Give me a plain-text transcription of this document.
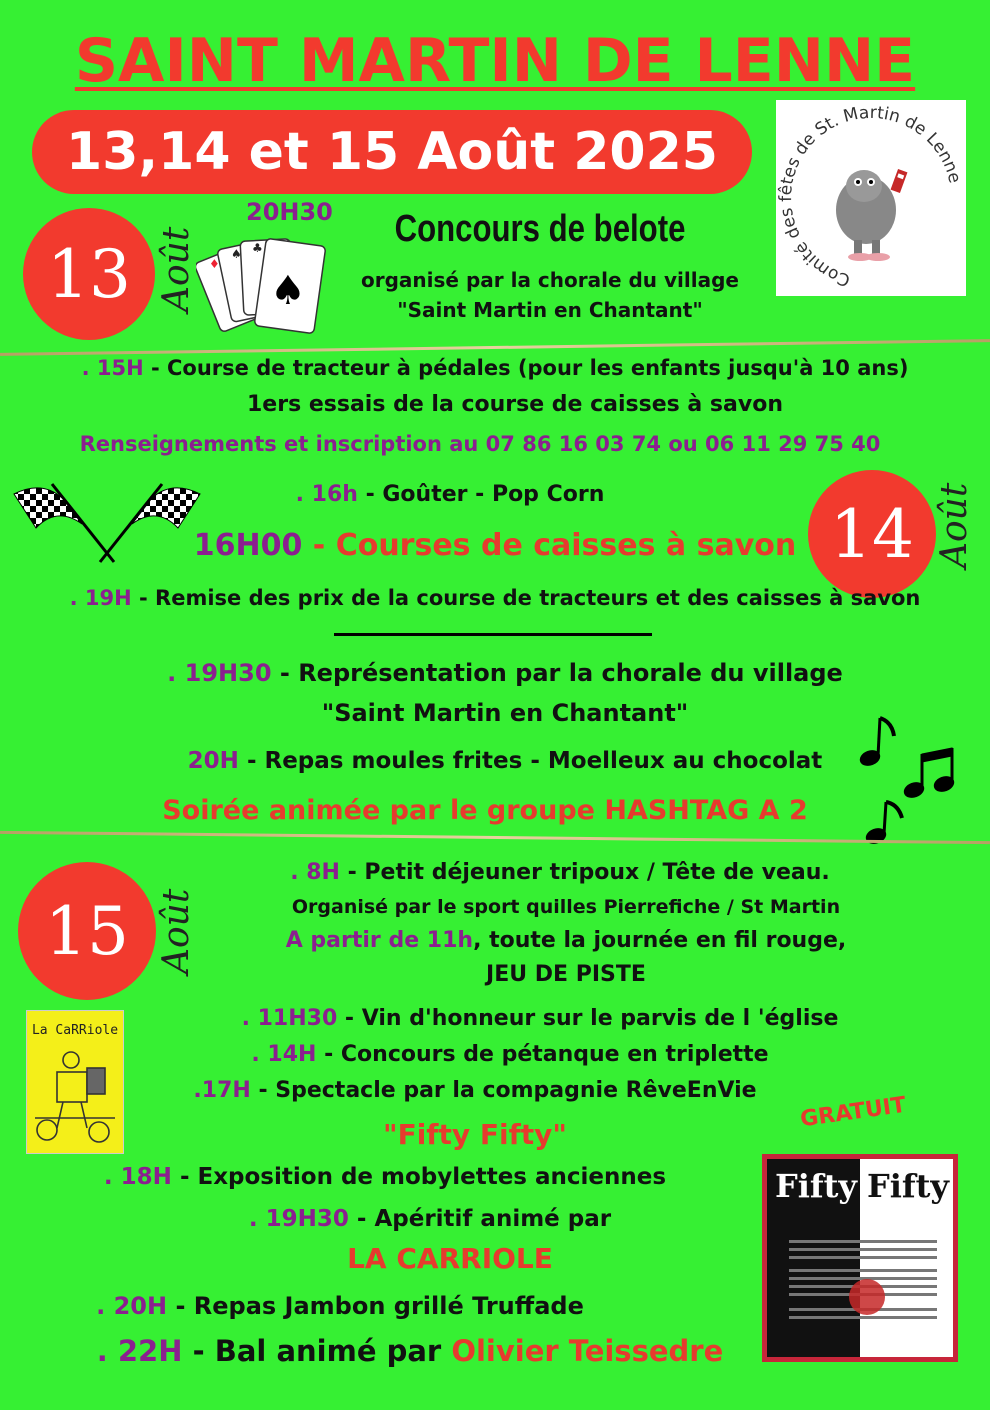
SAINT MARTIN DE LENNE
13,14 et 15 Août 2025
Comité des fêtes de St. Martin de Lenne
13 Août ♦
♠ ♣
♠
20H30	Concours de belote
organisé par la chorale du village
"Saint Martin en Chantant"
. 15H - Course de tracteur à pédales (pour les enfants jusqu'à 10 ans)
1ers essais de la course de caisses à savon
Renseignements et inscription au 07 86 16 03 74 ou 06 11 29 75 40
. 16h - Goûter - Pop Corn
16H00 - Courses de caisses à savon 14 Août
. 19H - Remise des prix de la course de tracteurs et des caisses à savon
. 19H30 - Représentation par la chorale du village
"Saint Martin en Chantant"
20H - Repas moules frites - Moelleux au chocolat
Soirée animée par le groupe HASHTAG A 2
15 Août
. 8H - Petit déjeuner tripoux / Tête de veau.
Organisé par le sport quilles Pierrefiche / St Martin
A partir de 11h, toute la journée en fil rouge,
JEU DE PISTE
La CaRRiole	. 11H30 - Vin d'honneur sur le parvis de l 'église
. 14H - Concours de pétanque en triplette
.17H - Spectacle par la compagnie RêveEnVie
"Fifty Fifty"
GRATUIT
. 18H - Exposition de mobylettes anciennes
. 19H30 - Apéritif animé par
LA CARRIOLE
. 20H - Repas Jambon grillé Truffade
. 22H - Bal animé par Olivier Teissedre
Fifty Fifty
